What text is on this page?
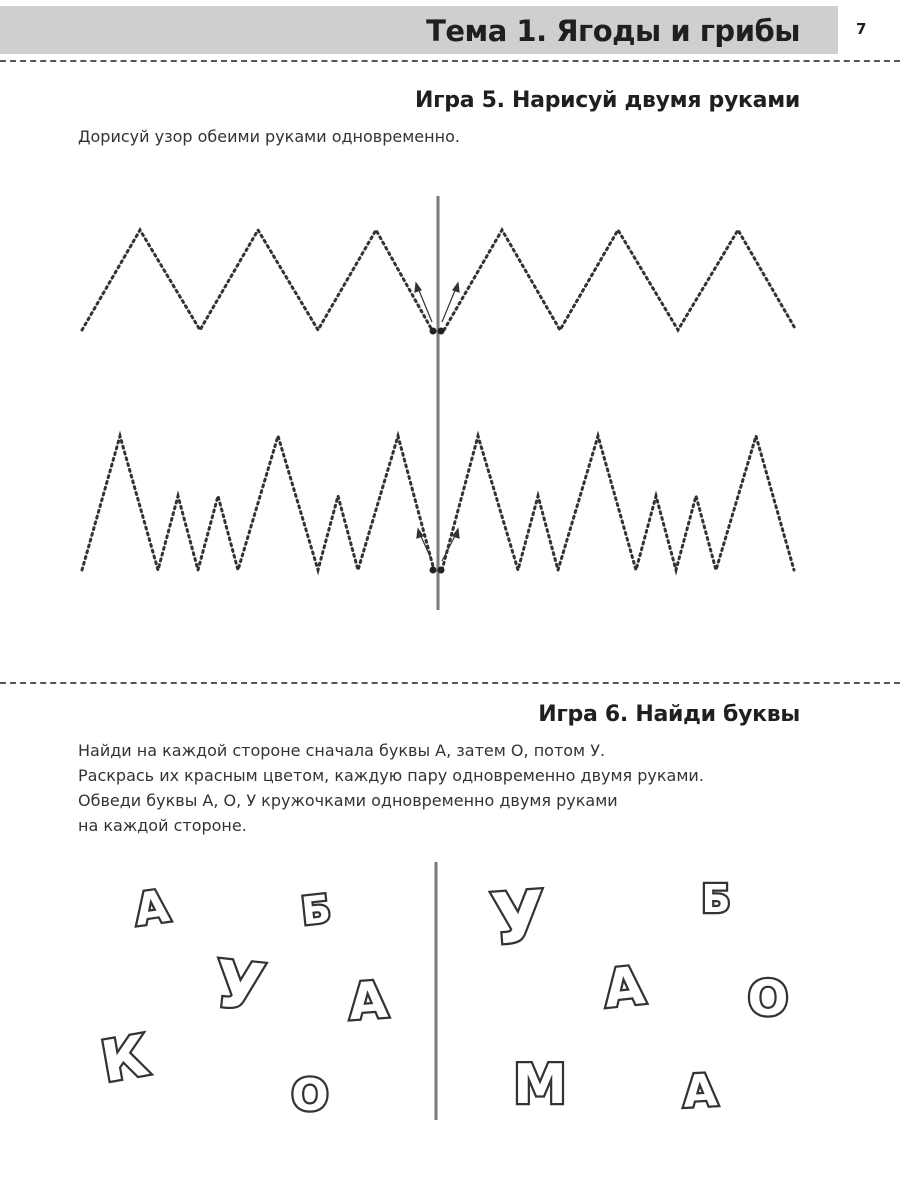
Тема 1. Ягоды и грибы	7
Игра 5. Нарисуй двумя руками
Дорисуй узор обеими руками одновременно.
Игра 6. Найди буквы
Найди на каждой стороне сначала буквы А, затем О, потом У.
Раскрась их красным цветом, каждую пару одновременно двумя руками.
Обведи буквы А, О, У кружочками одновременно двумя руками
на каждой стороне.
А	Б
У А
К
О
У	Б
А О
М	А
